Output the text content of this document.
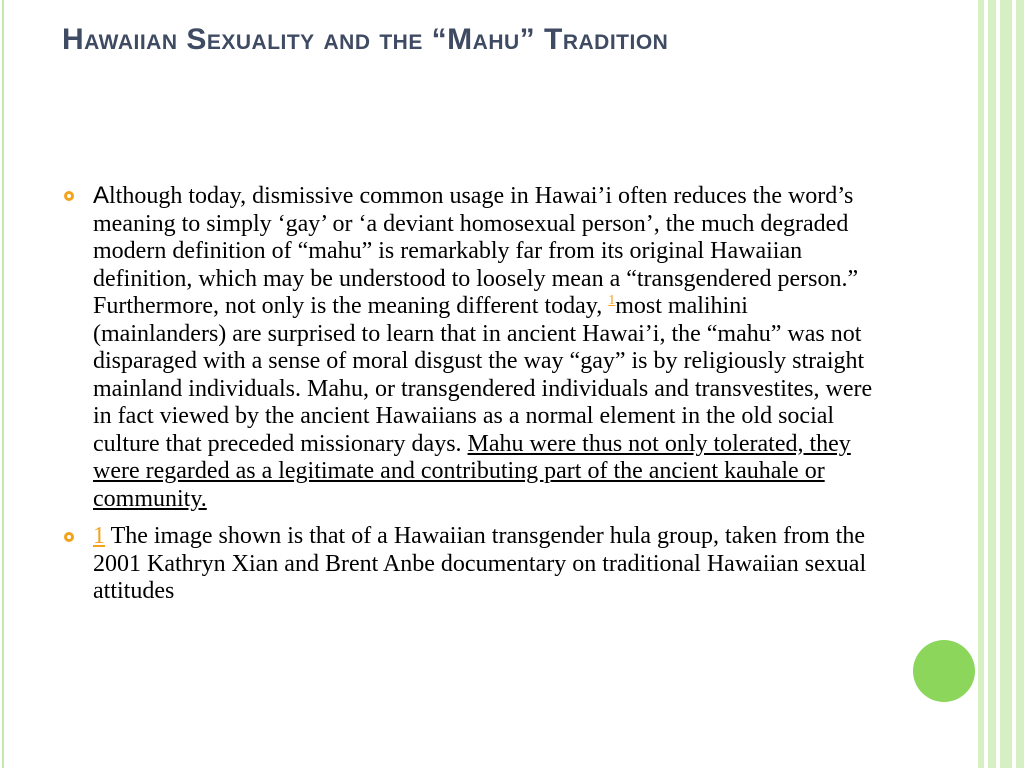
Hawaiian Sexuality and the “Mahu” Tradition
Although today, dismissive common usage in Hawai’i often reduces the word’s meaning to simply ‘gay’ or ‘a deviant homosexual person’, the much degraded modern definition of “mahu” is remarkably far from its original Hawaiian definition, which may be understood to loosely mean a “transgendered person.” Furthermore, not only is the meaning different today, $^1$most malihini (mainlanders) are surprised to learn that in ancient Hawai’i, the “mahu” was not disparaged with a sense of moral disgust the way “gay” is by religiously straight mainland individuals. Mahu, or transgendered individuals and transvestites, were in fact viewed by the ancient Hawaiians as a normal element in the old social culture that preceded missionary days. Mahu were thus not only tolerated, they were regarded as a legitimate and contributing part of the ancient kauhale or community.
1 The image shown is that of a Hawaiian transgender hula group, taken from the 2001 Kathryn Xian and Brent Anbe documentary on traditional Hawaiian sexual attitudes
